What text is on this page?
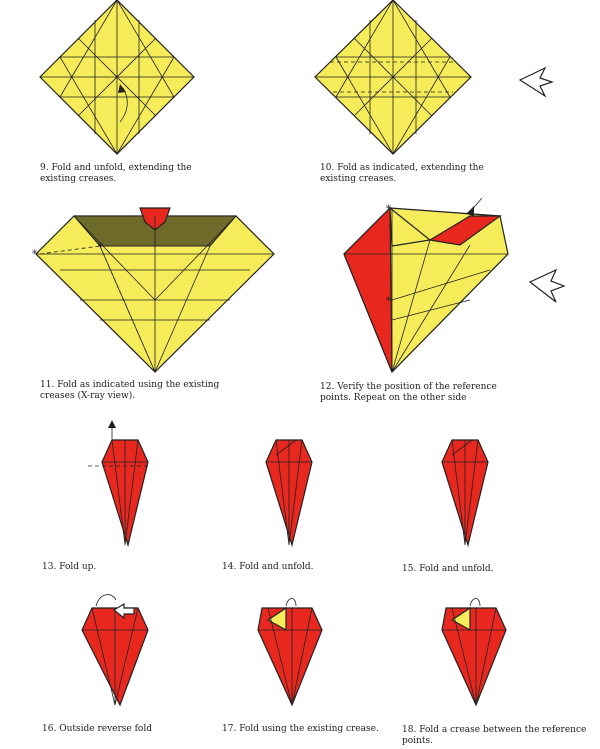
*
*
*
*
9. Fold and unfold, extending the existing creases.
10. Fold as indicated, extending the existing creases.
11. Fold as indicated using the existing creases (X-ray view).
12. Verify the position of the reference points. Repeat on the other side
13. Fold up.	14. Fold and unfold.	15. Fold and unfold.
16. Outside reverse fold	17. Fold using the existing crease.	18. Fold a crease between the reference points.
